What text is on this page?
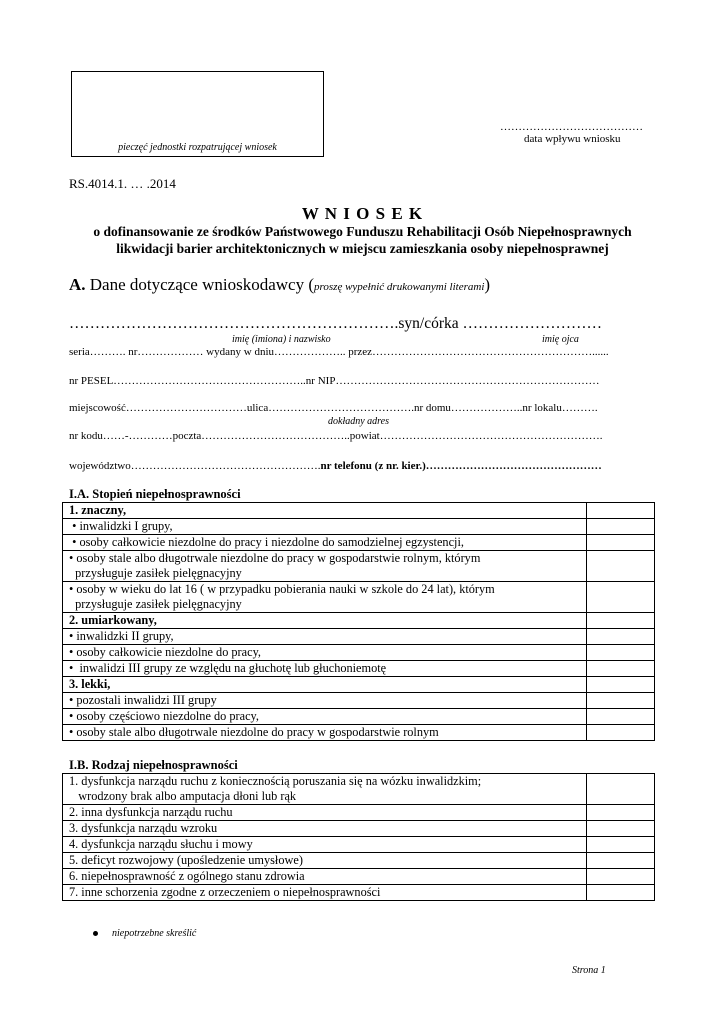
pieczęć jednostki rozpatrującej wniosek
…………………………………
data wpływu wniosku
RS.4014.1. … .2014
W N I O S E K
o dofinansowanie ze środków Państwowego Funduszu Rehabilitacji Osób Niepełnosprawnych
likwidacji barier architektonicznych w miejscu zamieszkania osoby niepełnosprawnej
A. Dane dotyczące wnioskodawcy (proszę wypełnić drukowanymi literami)
……………………………………………………….syn/córka ………………………
imię (imiona) i nazwisko	imię ojca
seria………. nr……………… wydany w dniu……………….. przez……………………………………………………......
nr PESEL……………………………………………..nr NIP………………………………………………………………
miejscowość……………………………ulica………………………………….nr domu………………..nr lokalu……….
dokładny adres
nr kodu……-…………poczta…………………………………..powiat…………………………………………………….
województwo…………………………………………….nr telefonu (z nr. kier.)…………………………………………
I.A. Stopień niepełnosprawności
1. znaczny,	

• inwalidzki I grupy,	

• osoby całkowicie niezdolne do pracy i niezdolne do samodzielnej egzystencji,	

• osoby stale albo długotrwale niezdolne do pracy w gospodarstwie rolnym, którym
przysługuje zasiłek pielęgnacyjny	

• osoby w wieku do lat 16 ( w przypadku pobierania nauki w szkole do 24 lat), którym
przysługuje zasiłek pielęgnacyjny	

2. umiarkowany,	

• inwalidzki II grupy,	

• osoby całkowicie niezdolne do pracy,	

•  inwalidzi III grupy ze względu na głuchotę lub głuchoniemotę	

3. lekki,	

• pozostali inwalidzi III grupy	

• osoby częściowo niezdolne do pracy,	

• osoby stale albo długotrwale niezdolne do pracy w gospodarstwie rolnym	

I.B. Rodzaj niepełnosprawności
1. dysfunkcja narządu ruchu z koniecznością poruszania się na wózku inwalidzkim;
wrodzony brak albo amputacja dłoni lub rąk	

2. inna dysfunkcja narządu ruchu	

3. dysfunkcja narządu wzroku	

4. dysfunkcja narządu słuchu i mowy	

5. deficyt rozwojowy (upośledzenie umysłowe)	

6. niepełnosprawność z ogólnego stanu zdrowia	

7. inne schorzenia zgodne z orzeczeniem o niepełnosprawności	

niepotrzebne skreślić
Strona 1
